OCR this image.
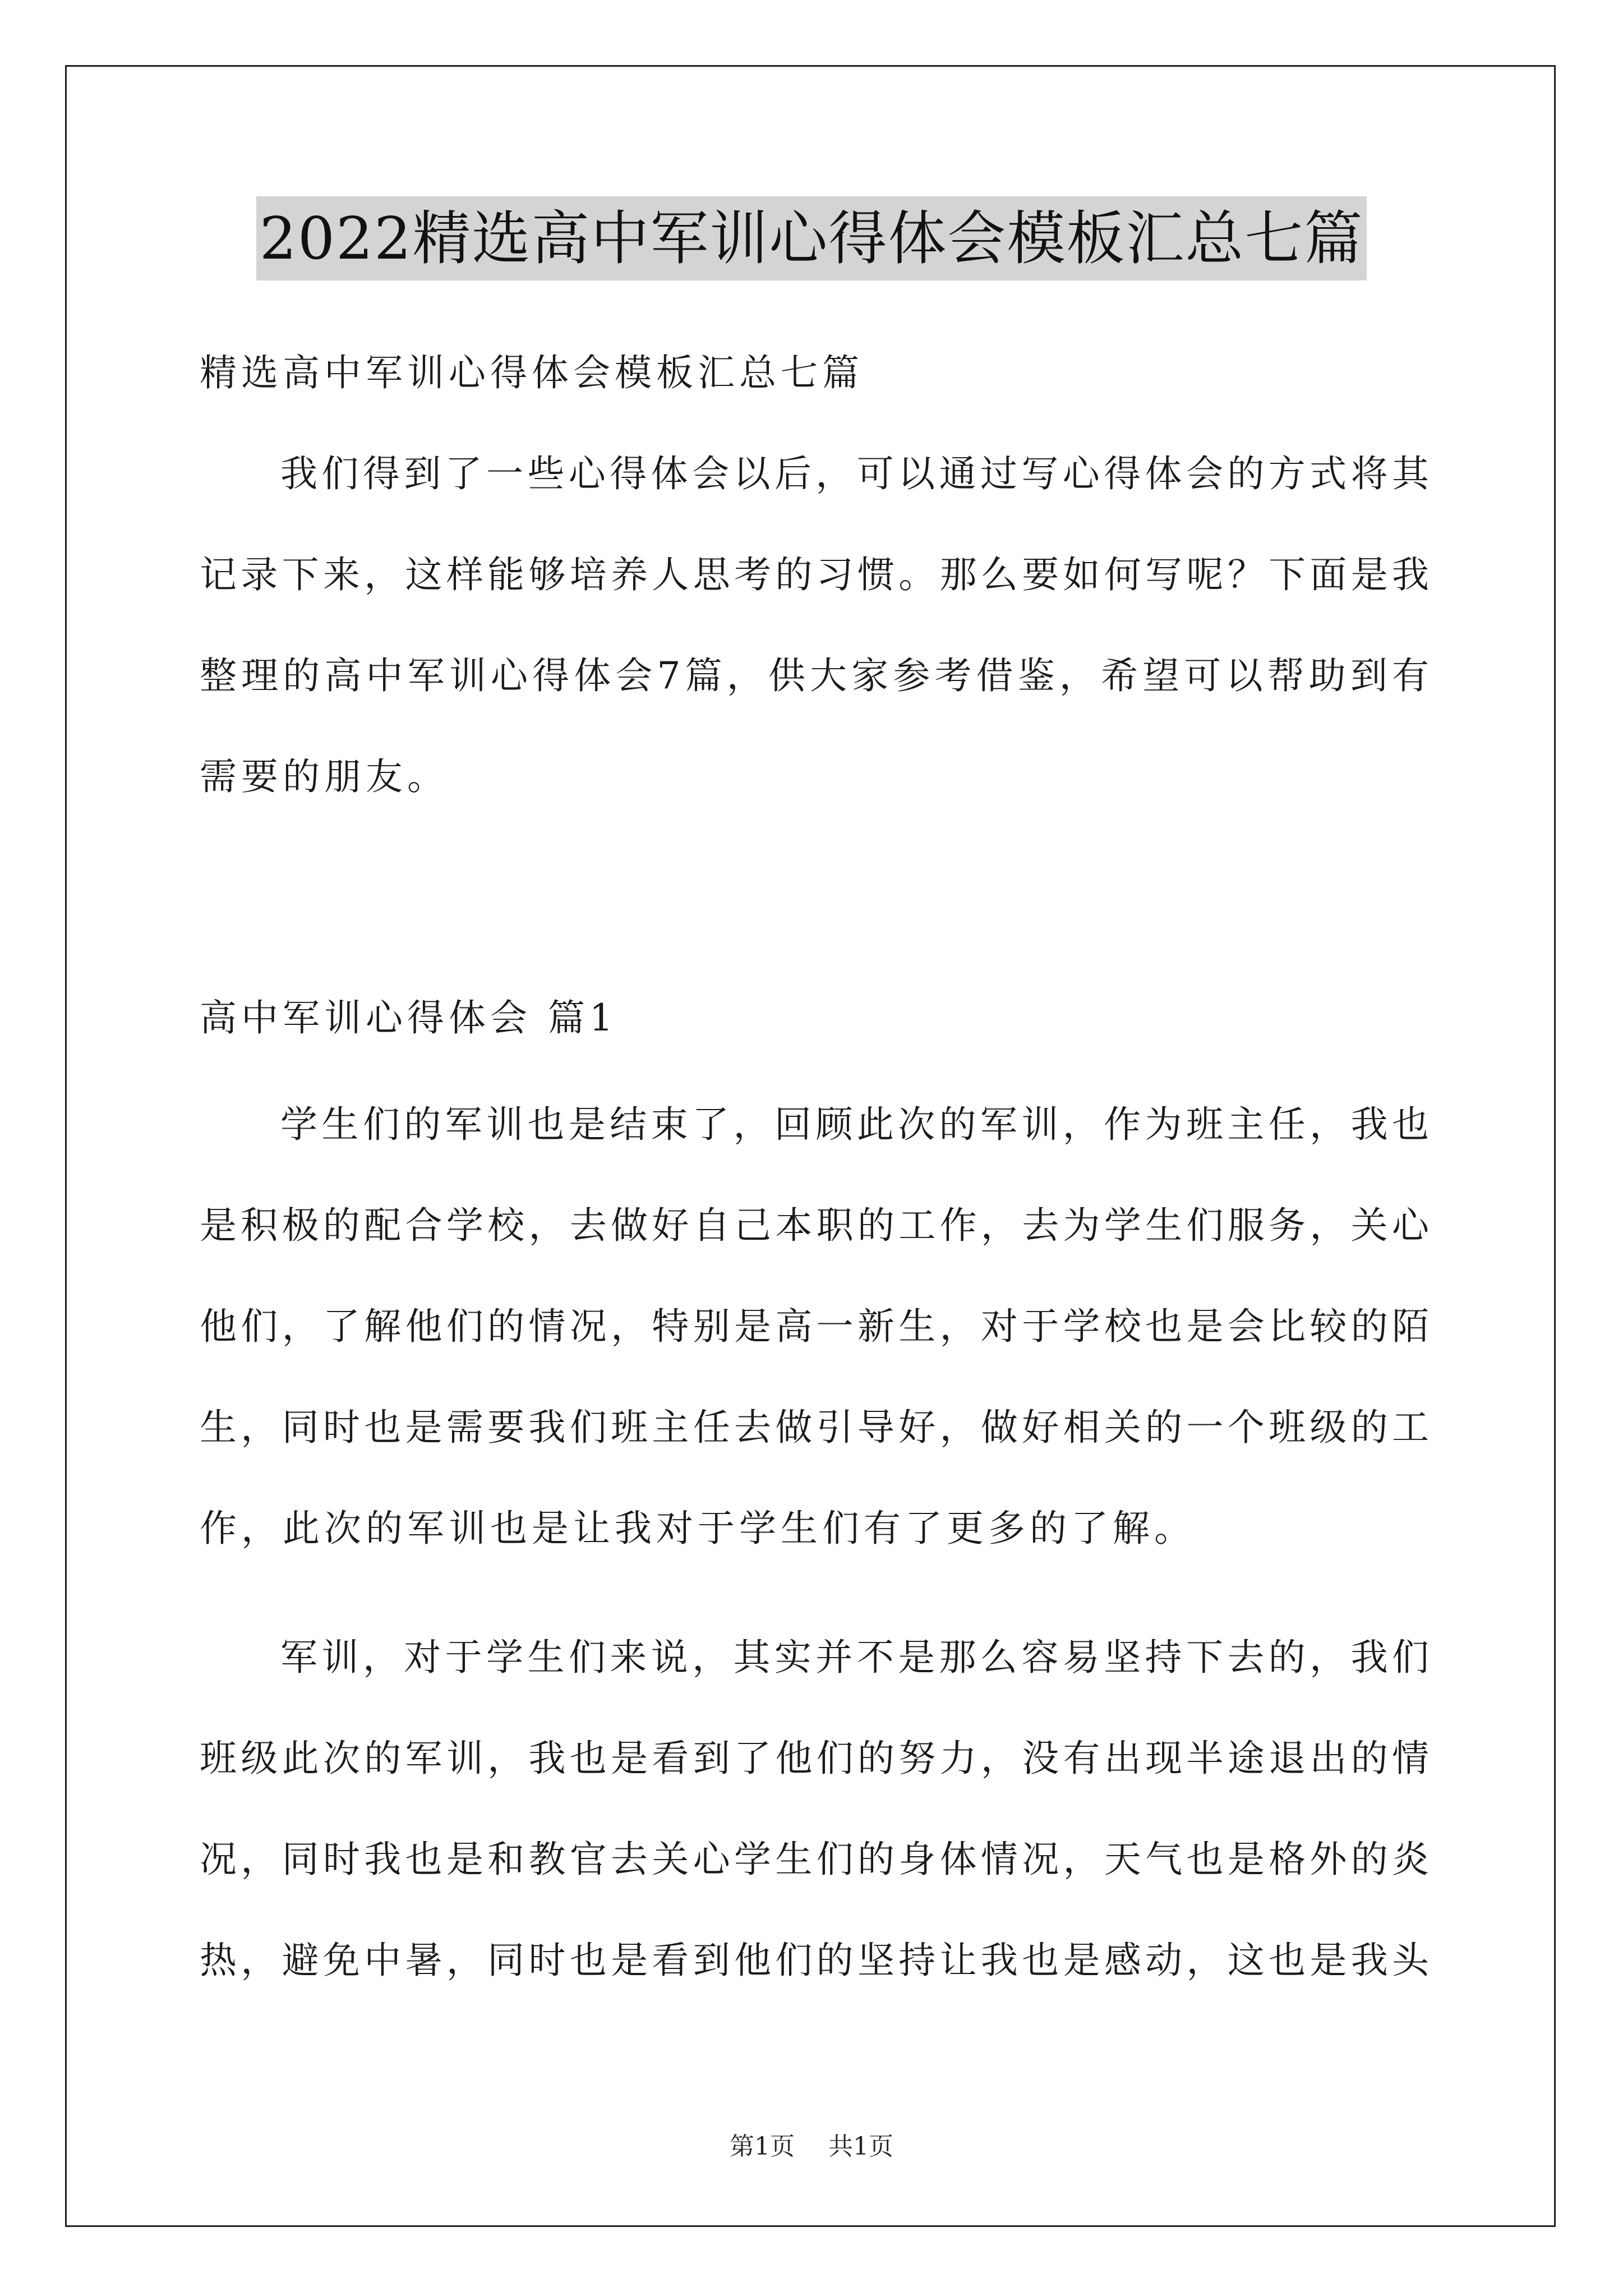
2022精选高中军训心得体会模板汇总七篇
精选高中军训心得体会模板汇总七篇
我们得到了一些心得体会以后，可以通过写心得体会的方式将其
记录下来，这样能够培养人思考的习惯。那么要如何写呢？下面是我
整理的高中军训心得体会7篇，供大家参考借鉴，希望可以帮助到有
需要的朋友。
高中军训心得体会 篇1
学生们的军训也是结束了，回顾此次的军训，作为班主任，我也
是积极的配合学校，去做好自己本职的工作，去为学生们服务，关心
他们，了解他们的情况，特别是高一新生，对于学校也是会比较的陌
生，同时也是需要我们班主任去做引导好，做好相关的一个班级的工
作，此次的军训也是让我对于学生们有了更多的了解。
军训，对于学生们来说，其实并不是那么容易坚持下去的，我们
班级此次的军训，我也是看到了他们的努力，没有出现半途退出的情
况，同时我也是和教官去关心学生们的身体情况，天气也是格外的炎
热，避免中暑，同时也是看到他们的坚持让我也是感动，这也是我头
第1页 共1页
